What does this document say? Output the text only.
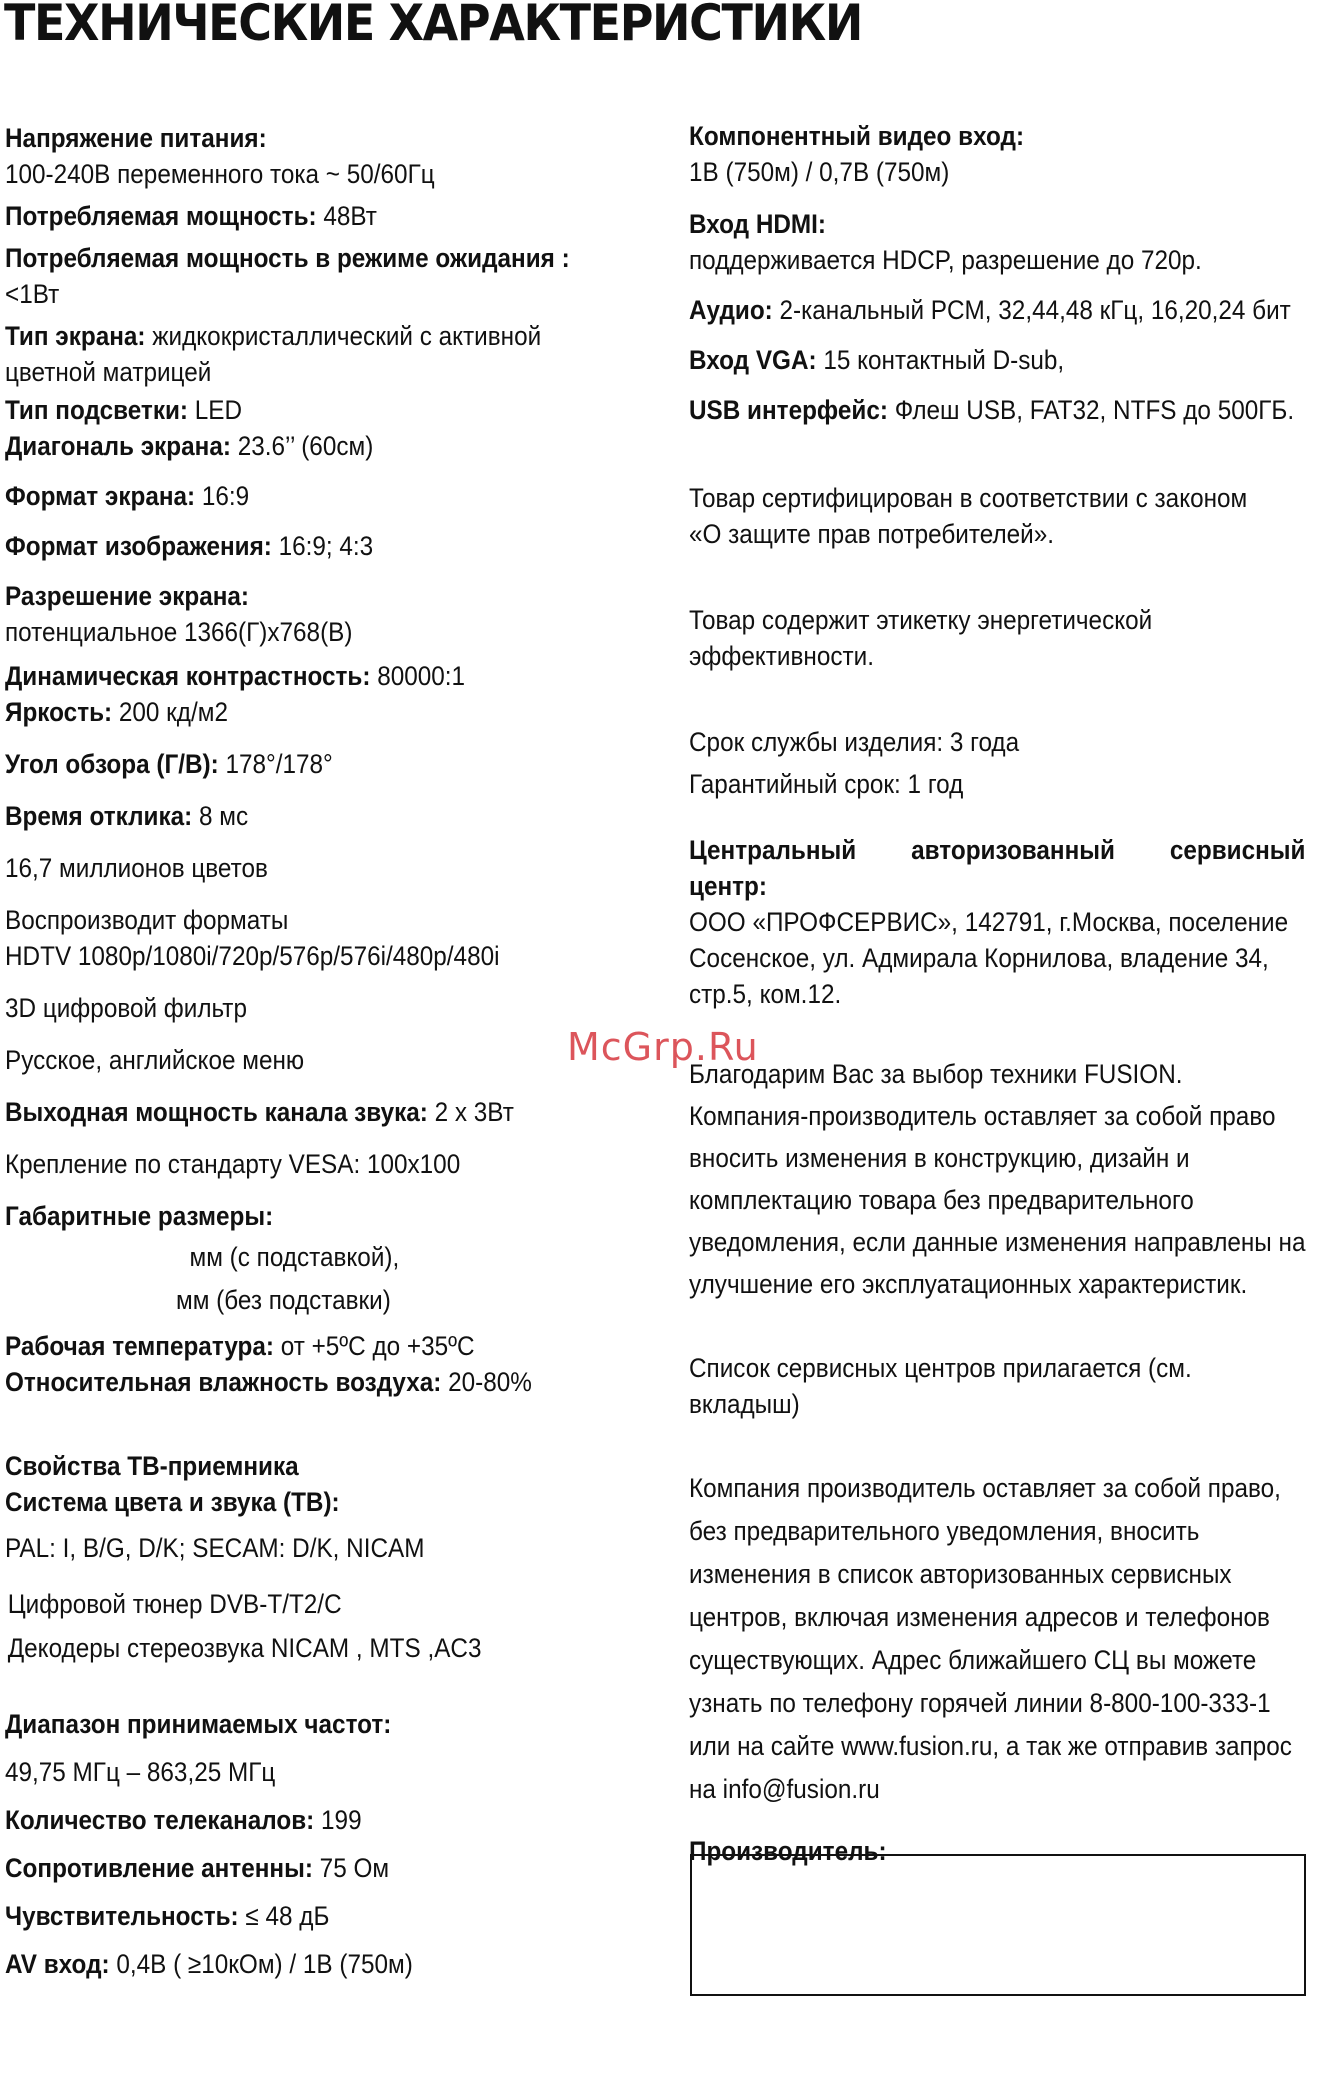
ТЕХНИЧЕСКИЕ ХАРАКТЕРИСТИКИ
Напряжение питания:
100-240В переменного тока ~ 50/60Гц
Потребляемая мощность: 48Вт
Потребляемая мощность в режиме ожидания :
<1Вт
Тип экрана: жидкокристаллический с активной
цветной матрицей
Тип подсветки: LED
Диагональ экрана: 23.6’’ (60см)
Формат экрана: 16:9
Формат изображения: 16:9; 4:3
Разрешение экрана:
потенциальное 1366(Г)x768(В)
Динамическая контрастность: 80000:1
Яркость: 200 кд/м2
Угол обзора (Г/В): 178°/178°
Время отклика: 8 мс
16,7 миллионов цветов
Воспроизводит форматы
HDTV 1080p/1080i/720p/576p/576i/480p/480i
3D цифровой фильтр
Русское, английское меню
Выходная мощность канала звука: 2 x 3Вт
Крепление по стандарту VESA: 100x100
Габаритные размеры:
мм (с подставкой),
мм (без подставки)
Рабочая температура: от +5ºС до +35ºС
Относительная влажность воздуха: 20-80%
Свойства ТВ-приемника
Система цвета и звука (ТВ):
PAL: I, B/G, D/K; SECAM: D/K, NICAM
Цифровой тюнер DVB-T/T2/C
Декодеры стереозвука NICAM , MTS ,AC3
Диапазон принимаемых частот:
49,75 МГц – 863,25 МГц
Количество телеканалов: 199
Сопротивление антенны: 75 Ом
Чувствительность: ≤ 48 дБ
AV вход: 0,4В ( ≥10кОм) / 1В (750м)
Компонентный видео вход:
1В (750м) / 0,7В (750м)
Вход HDMI:
поддерживается HDCP, разрешение до 720р.
Аудио: 2-канальный PCM, 32,44,48 кГц, 16,20,24 бит
Вход VGA: 15 контактный D-sub,
USB интерфейс: Флеш USB, FAT32, NTFS до 500ГБ.
Товар сертифицирован в соответствии с законом
«О защите прав потребителей».
Товар содержит этикетку энергетической эффективности.
Срок службы изделия: 3 года
Гарантийный срок: 1 год
Центральный авторизованный сервисный
центр:
ООО «ПРОФСЕРВИС», 142791, г.Москва, поселение
Сосенское, ул. Адмирала Корнилова, владение 34,
стр.5, ком.12.
Благодарим Вас за выбор техники FUSION.
Компания-производитель оставляет за собой право
вносить изменения в конструкцию, дизайн и
комплектацию товара без предварительного
уведомления, если данные изменения направлены на
улучшение его эксплуатационных характеристик.
Список сервисных центров прилагается (см. вкладыш)
Компания производитель оставляет за собой право,
без предварительного уведомления, вносить
изменения в список авторизованных сервисных
центров, включая изменения адресов и телефонов
существующих. Адрес ближайшего СЦ вы можете
узнать по телефону горячей линии 8-800-100-333-1
или на сайте www.fusion.ru, а так же отправив запрос
на info@fusion.ru
Производитель:
McGrp.Ru
